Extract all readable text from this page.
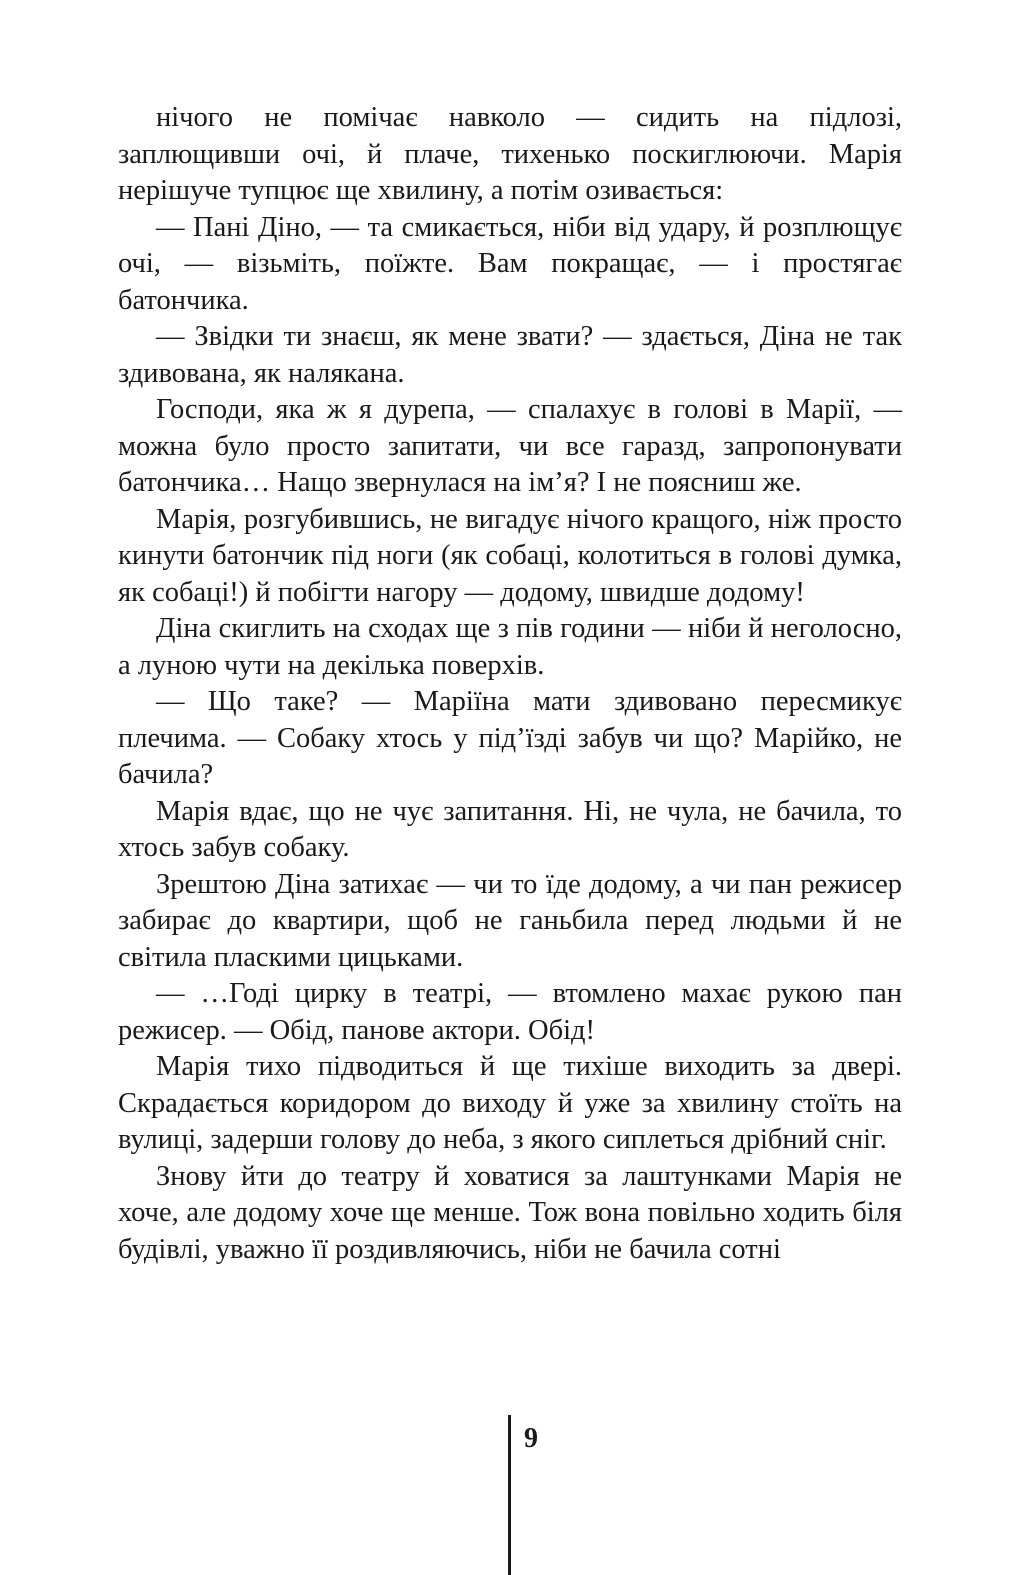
нічого не помічає навколо — сидить на підлозі, заплющивши очі, й плаче, тихенько поскиглюючи. Марія нерішуче тупцює ще хвилину, а потім озивається:

— Пані Діно, — та смикається, ніби від удару, й розплющує очі, — візьміть, поїжте. Вам покращає, — і простягає батончика.

— Звідки ти знаєш, як мене звати? — здається, Діна не так здивована, як налякана.

Господи, яка ж я дурепа, — спалахує в голові в Марії, — можна було просто запитати, чи все гаразд, запропонувати батончика… Нащо звернулася на ім’я? І не поясниш же.

Марія, розгубившись, не вигадує нічого кращого, ніж просто кинути батончик під ноги (як собаці, колотиться в голові думка, як собаці!) й побігти нагору — додому, швидше додому!

Діна скиглить на сходах ще з пів години — ніби й неголосно, а луною чути на декілька поверхів.

— Що таке? — Маріїна мати здивовано пересмикує плечима. — Собаку хтось у під’їзді забув чи що? Марійко, не бачила?

Марія вдає, що не чує запитання. Ні, не чула, не бачила, то хтось забув собаку.

Зрештою Діна затихає — чи то їде додому, а чи пан режисер забирає до квартири, щоб не ганьбила перед людьми й не світила пласкими цицьками.

— …Годі цирку в театрі, — втомлено махає рукою пан режисер. — Обід, панове актори. Обід!

Марія тихо підводиться й ще тихіше виходить за двері. Скрадається коридором до виходу й уже за хвилину стоїть на вулиці, задерши голову до неба, з якого сиплеться дрібний сніг.

Знову йти до театру й ховатися за лаштунками Марія не хоче, але додому хоче ще менше. Тож вона повільно ходить біля будівлі, уважно її роздивляючись, ніби не бачила сотні

9
